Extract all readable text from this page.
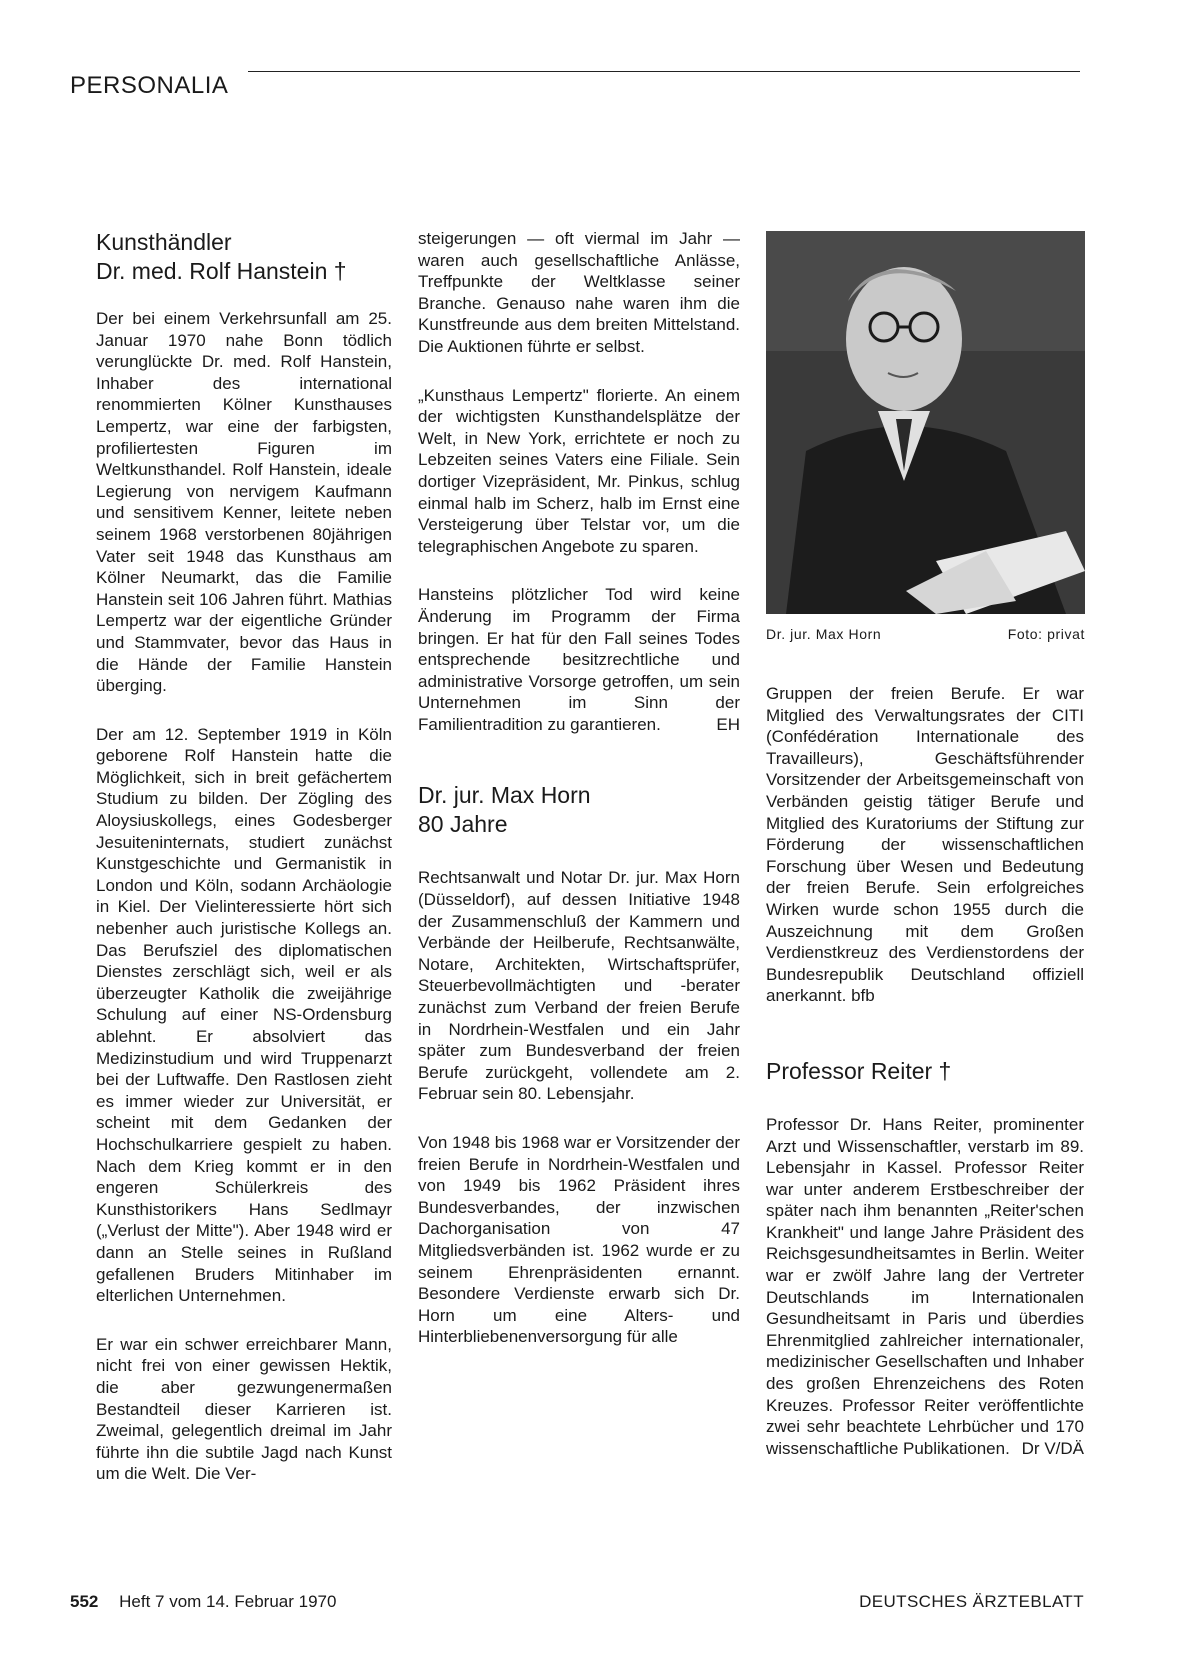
PERSONALIA
Kunsthändler
Dr. med. Rolf Hanstein †

Der bei einem Verkehrsunfall am 25. Januar 1970 nahe Bonn tödlich verunglückte Dr. med. Rolf Hanstein, Inhaber des international renommierten Kölner Kunsthauses Lempertz, war eine der farbigsten, profiliertesten Figuren im Weltkunsthandel. Rolf Hanstein, ideale Legierung von nervigem Kaufmann und sensitivem Kenner, leitete neben seinem 1968 verstorbenen 80jährigen Vater seit 1948 das Kunsthaus am Kölner Neumarkt, das die Familie Hanstein seit 106 Jahren führt. Mathias Lempertz war der eigentliche Gründer und Stammvater, bevor das Haus in die Hände der Familie Hanstein überging.

Der am 12. September 1919 in Köln geborene Rolf Hanstein hatte die Möglichkeit, sich in breit gefächertem Studium zu bilden. Der Zögling des Aloysiuskollegs, eines Godesberger Jesuiteninternats, studiert zunächst Kunstgeschichte und Germanistik in London und Köln, sodann Archäologie in Kiel. Der Vielinteressierte hört sich nebenher auch juristische Kollegs an. Das Berufsziel des diplomatischen Dienstes zerschlägt sich, weil er als überzeugter Katholik die zweijährige Schulung auf einer NS-Ordensburg ablehnt. Er absolviert das Medizinstudium und wird Truppenarzt bei der Luftwaffe. Den Rastlosen zieht es immer wieder zur Universität, er scheint mit dem Gedanken der Hochschulkarriere gespielt zu haben. Nach dem Krieg kommt er in den engeren Schülerkreis des Kunsthistorikers Hans Sedlmayr („Verlust der Mitte"). Aber 1948 wird er dann an Stelle seines in Rußland gefallenen Bruders Mitinhaber im elterlichen Unternehmen.

Er war ein schwer erreichbarer Mann, nicht frei von einer gewissen Hektik, die aber gezwungenermaßen Bestandteil dieser Karrieren ist. Zweimal, gelegentlich dreimal im Jahr führte ihn die subtile Jagd nach Kunst um die Welt. Die Ver-

steigerungen — oft viermal im Jahr — waren auch gesellschaftliche Anlässe, Treffpunkte der Weltklasse seiner Branche. Genauso nahe waren ihm die Kunstfreunde aus dem breiten Mittelstand. Die Auktionen führte er selbst.

„Kunsthaus Lempertz" florierte. An einem der wichtigsten Kunsthandelsplätze der Welt, in New York, errichtete er noch zu Lebzeiten seines Vaters eine Filiale. Sein dortiger Vizepräsident, Mr. Pinkus, schlug einmal halb im Scherz, halb im Ernst eine Versteigerung über Telstar vor, um die telegraphischen Angebote zu sparen.

Hansteins plötzlicher Tod wird keine Änderung im Programm der Firma bringen. Er hat für den Fall seines Todes entsprechende besitzrechtliche und administrative Vorsorge getroffen, um sein Unternehmen im Sinn der Familientradition zu garantieren.	EH

Dr. jur. Max Horn
80 Jahre

Rechtsanwalt und Notar Dr. jur. Max Horn (Düsseldorf), auf dessen Initiative 1948 der Zusammenschluß der Kammern und Verbände der Heilberufe, Rechtsanwälte, Notare, Architekten, Wirtschaftsprüfer, Steuerbevollmächtigten und -berater zunächst zum Verband der freien Berufe in Nordrhein-Westfalen und ein Jahr später zum Bundesverband der freien Berufe zurückgeht, vollendete am 2. Februar sein 80. Lebensjahr.

Von 1948 bis 1968 war er Vorsitzender der freien Berufe in Nordrhein-Westfalen und von 1949 bis 1962 Präsident ihres Bundesverbandes, der inzwischen Dachorganisation von 47 Mitgliedsverbänden ist. 1962 wurde er zu seinem Ehrenpräsidenten ernannt. Besondere Verdienste erwarb sich Dr. Horn um eine Alters- und Hinterbliebenenversorgung für alle

Dr. jur. Max Horn	Foto: privat

Gruppen der freien Berufe. Er war Mitglied des Verwaltungsrates der CITI (Confédération Internationale des Travailleurs), Geschäftsführender Vorsitzender der Arbeitsgemeinschaft von Verbänden geistig tätiger Berufe und Mitglied des Kuratoriums der Stiftung zur Förderung der wissenschaftlichen Forschung über Wesen und Bedeutung der freien Berufe. Sein erfolgreiches Wirken wurde schon 1955 durch die Auszeichnung mit dem Großen Verdienstkreuz des Verdienstordens der Bundesrepublik Deutschland offiziell anerkannt. bfb

Professor Reiter †

Professor Dr. Hans Reiter, prominenter Arzt und Wissenschaftler, verstarb im 89. Lebensjahr in Kassel. Professor Reiter war unter anderem Erstbeschreiber der später nach ihm benannten „Reiter'schen Krankheit" und lange Jahre Präsident des Reichsgesundheitsamtes in Berlin. Weiter war er zwölf Jahre lang der Vertreter Deutschlands im Internationalen Gesundheitsamt in Paris und überdies Ehrenmitglied zahlreicher internationaler, medizinischer Gesellschaften und Inhaber des großen Ehrenzeichens des Roten Kreuzes. Professor Reiter veröffentlichte zwei sehr beachtete Lehrbücher und 170 wissenschaftliche Publikationen. Dr V/DÄ

552 Heft 7 vom 14. Februar 1970	DEUTSCHES ÄRZTEBLATT
